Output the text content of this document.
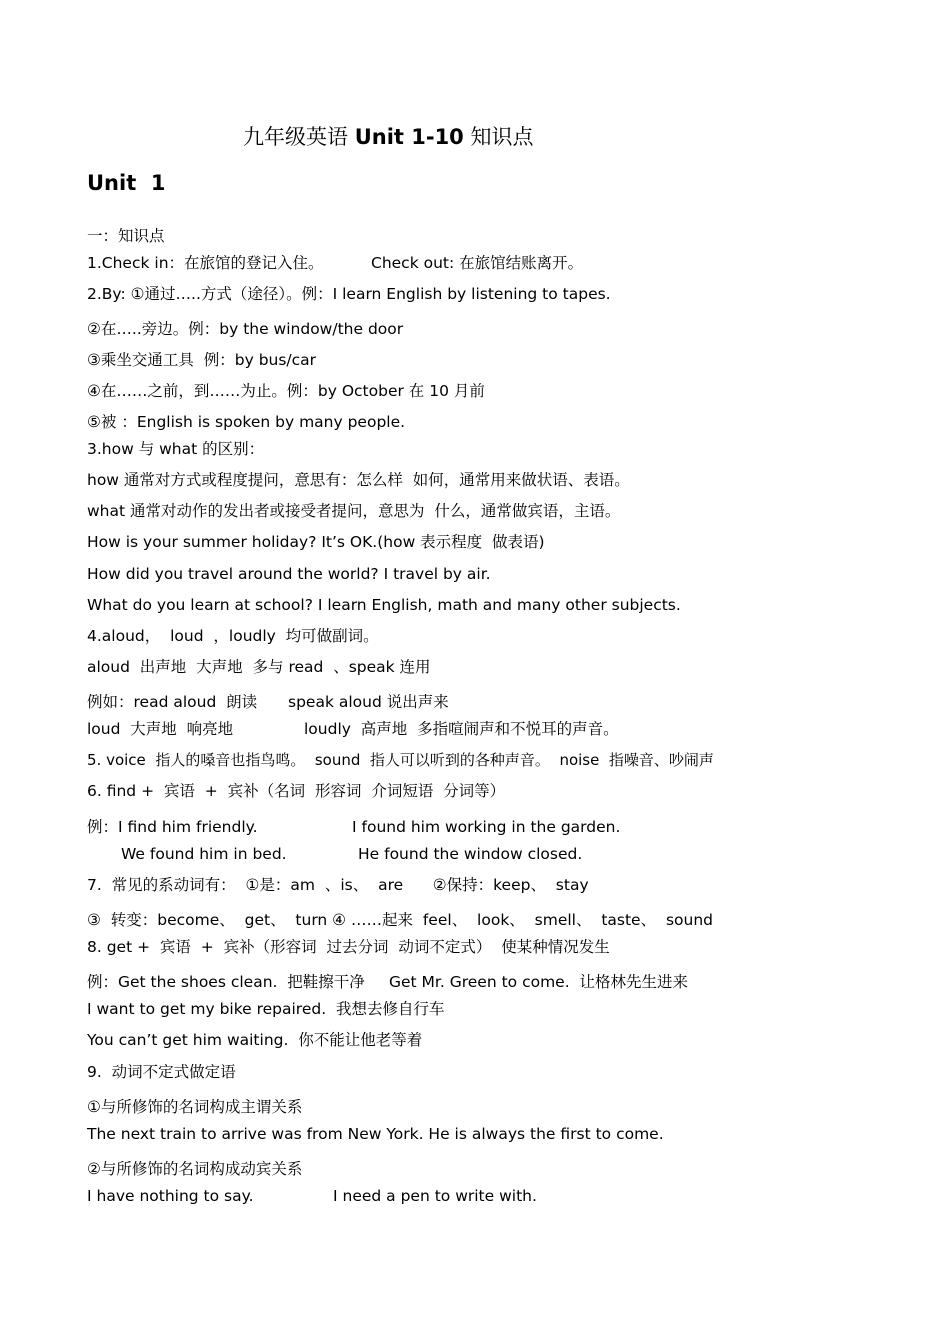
九年级英语 Unit 1-10 知识点
Unit  1
一：知识点
1.Check in：在旅馆的登记入住。	Check out: 在旅馆结账离开。
2.By: ①通过…..方式（途径）。例：I learn English by listening to tapes.
②在…..旁边。例：by the window/the door
③乘坐交通工具  例：by bus/car
④在……之前，到……为止。例：by October 在 10 月前
⑤被 ：English is spoken by many people.
3.how 与 what 的区别：
how 通常对方式或程度提问，意思有：怎么样  如何，通常用来做状语、表语。
what 通常对动作的发出者或接受者提问，意思为  什么，通常做宾语，主语。
How is your summer holiday? It’s OK.(how 表示程度  做表语)
How did you travel around the world? I travel by air.
What do you learn at school? I learn English, math and many other subjects.
4.aloud，  loud  ，loudly  均可做副词。
aloud  出声地  大声地  多与 read  、speak 连用
例如：read aloud  朗读 speak aloud 说出声来
loud  大声地  响亮地	loudly  高声地  多指喧闹声和不悦耳的声音。
5. voice  指人的嗓音也指鸟鸣。  sound  指人可以听到的各种声音。  noise  指噪音、吵闹声
6. find +  宾语  +  宾补（名词  形容词  介词短语  分词等）
例：I find him friendly.	I found him working in the garden.
We found him in bed.	He found the window closed.
7.  常见的系动词有：  ①是：am  、is、  are      ②保持：keep、  stay
③  转变：become、  get、  turn ④ ……起来  feel、  look、  smell、  taste、  sound
8. get +  宾语  +  宾补（形容词  过去分词  动词不定式）  使某种情况发生
例：Get the shoes clean.  把鞋擦干净 Get Mr. Green to come.  让格林先生进来
I want to get my bike repaired.  我想去修自行车
You can’t get him waiting.  你不能让他老等着
9.  动词不定式做定语
①与所修饰的名词构成主谓关系
The next train to arrive was from New York. He is always the first to come.
②与所修饰的名词构成动宾关系
I have nothing to say.	I need a pen to write with.
